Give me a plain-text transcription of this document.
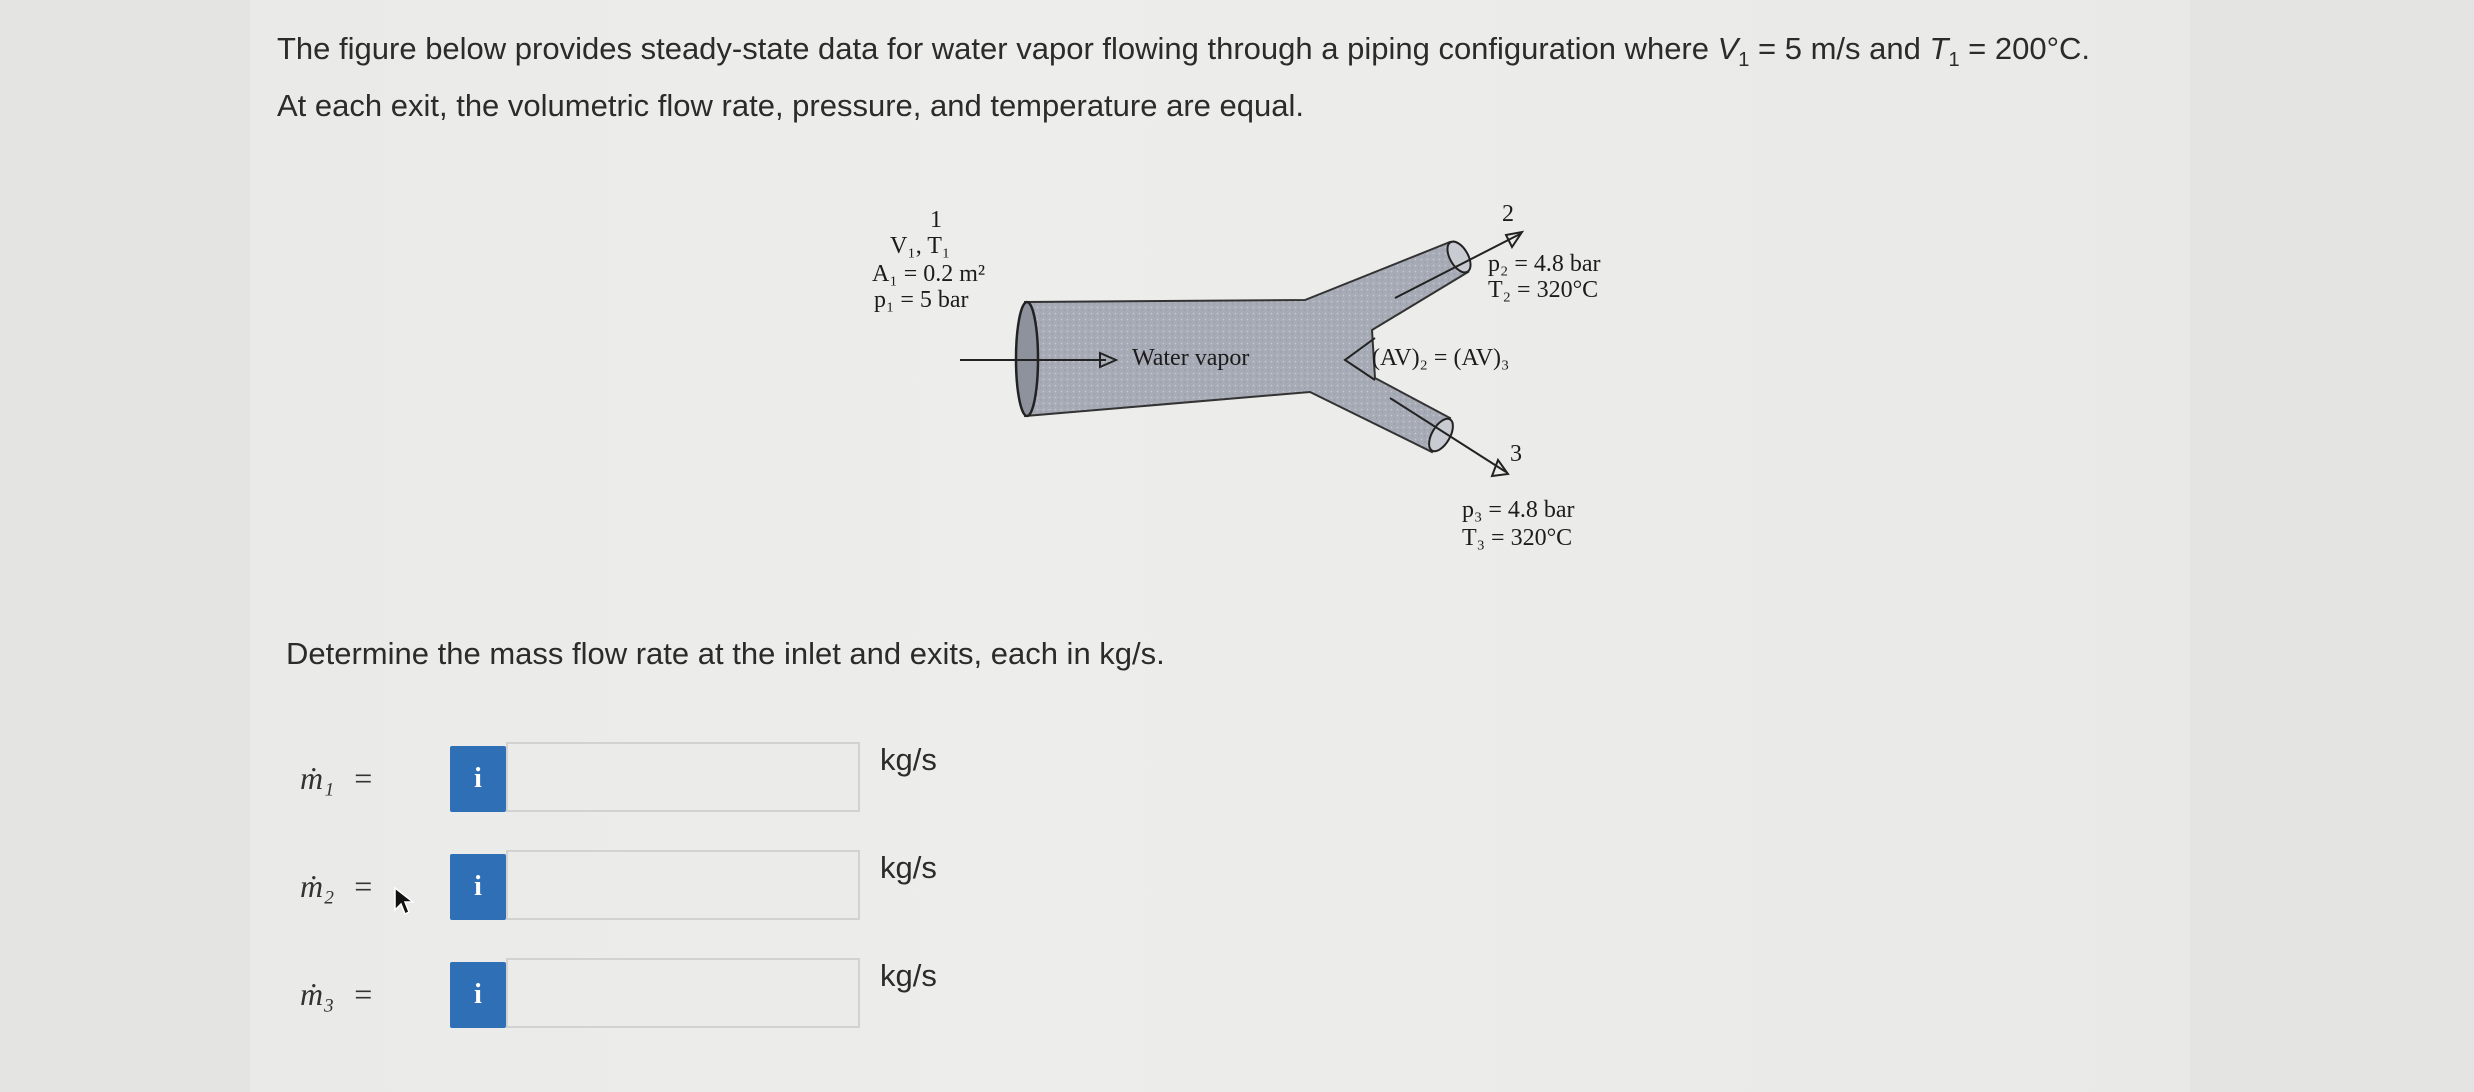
The figure below provides steady-state data for water vapor flowing through a piping configuration where $V_1 = 5$ m/s and $T_1 = 200^\circ C$.
At each exit, the volumetric flow rate, pressure, and temperature are equal.
1
V₁, T₁
A₁ = 0.2 m²
p₁ = 5 bar
Water vapor
2
p₂ = 4.8 bar
T₂ = 320°C
(AV)₂ = (AV)₃
3
p₃ = 4.8 bar
T₃ = 320°C
Determine the mass flow rate at the inlet and exits, each in kg/s.
ṁ₁ =	i
kg/s
ṁ₂ =	i
kg/s
ṁ₃ =	i
kg/s
